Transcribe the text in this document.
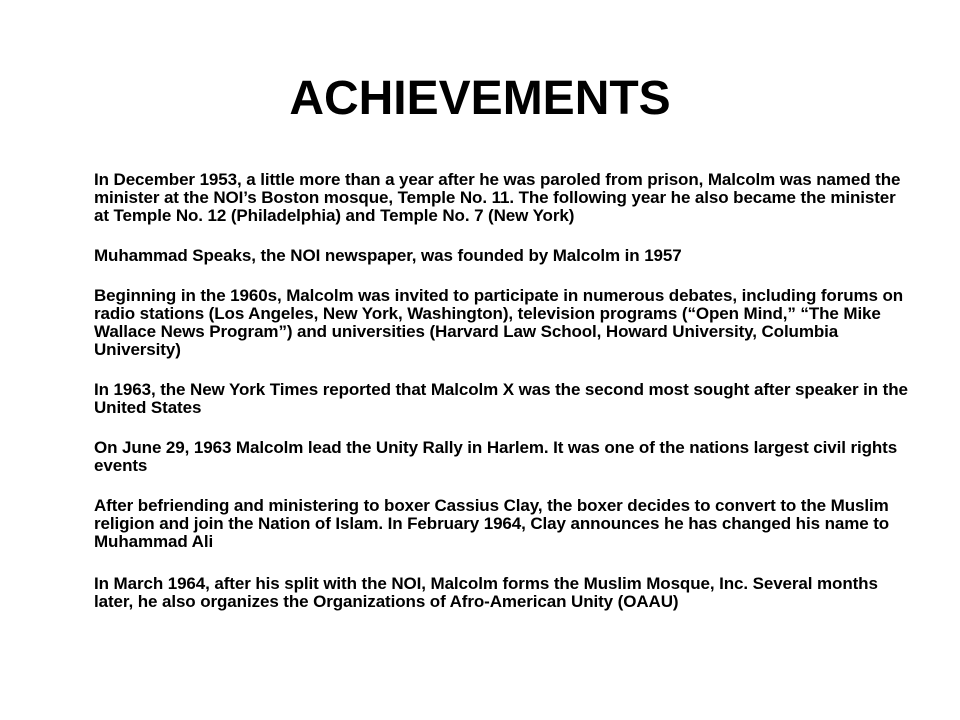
ACHIEVEMENTS

In December 1953, a little more than a year after he was paroled from prison, Malcolm was named the minister at the NOI’s Boston mosque, Temple No. 11. The following year he also became the minister at Temple No. 12 (Philadelphia) and Temple No. 7 (New York)

Muhammad Speaks, the NOI newspaper, was founded by Malcolm in 1957

Beginning in the 1960s, Malcolm was invited to participate in numerous debates, including forums on radio stations (Los Angeles, New York, Washington), television programs (“Open Mind,” “The Mike Wallace News Program”) and universities (Harvard Law School, Howard University, Columbia University)

In 1963, the New York Times reported that Malcolm X was the second most sought after speaker in the United States

On June 29, 1963 Malcolm lead the Unity Rally in Harlem. It was one of the nations largest civil rights events

After befriending and ministering to boxer Cassius Clay, the boxer decides to convert to the Muslim religion and join the Nation of Islam. In February 1964, Clay announces he has changed his name to Muhammad Ali

In March 1964, after his split with the NOI, Malcolm forms the Muslim Mosque, Inc. Several months later, he also organizes the Organizations of Afro-American Unity (OAAU)
